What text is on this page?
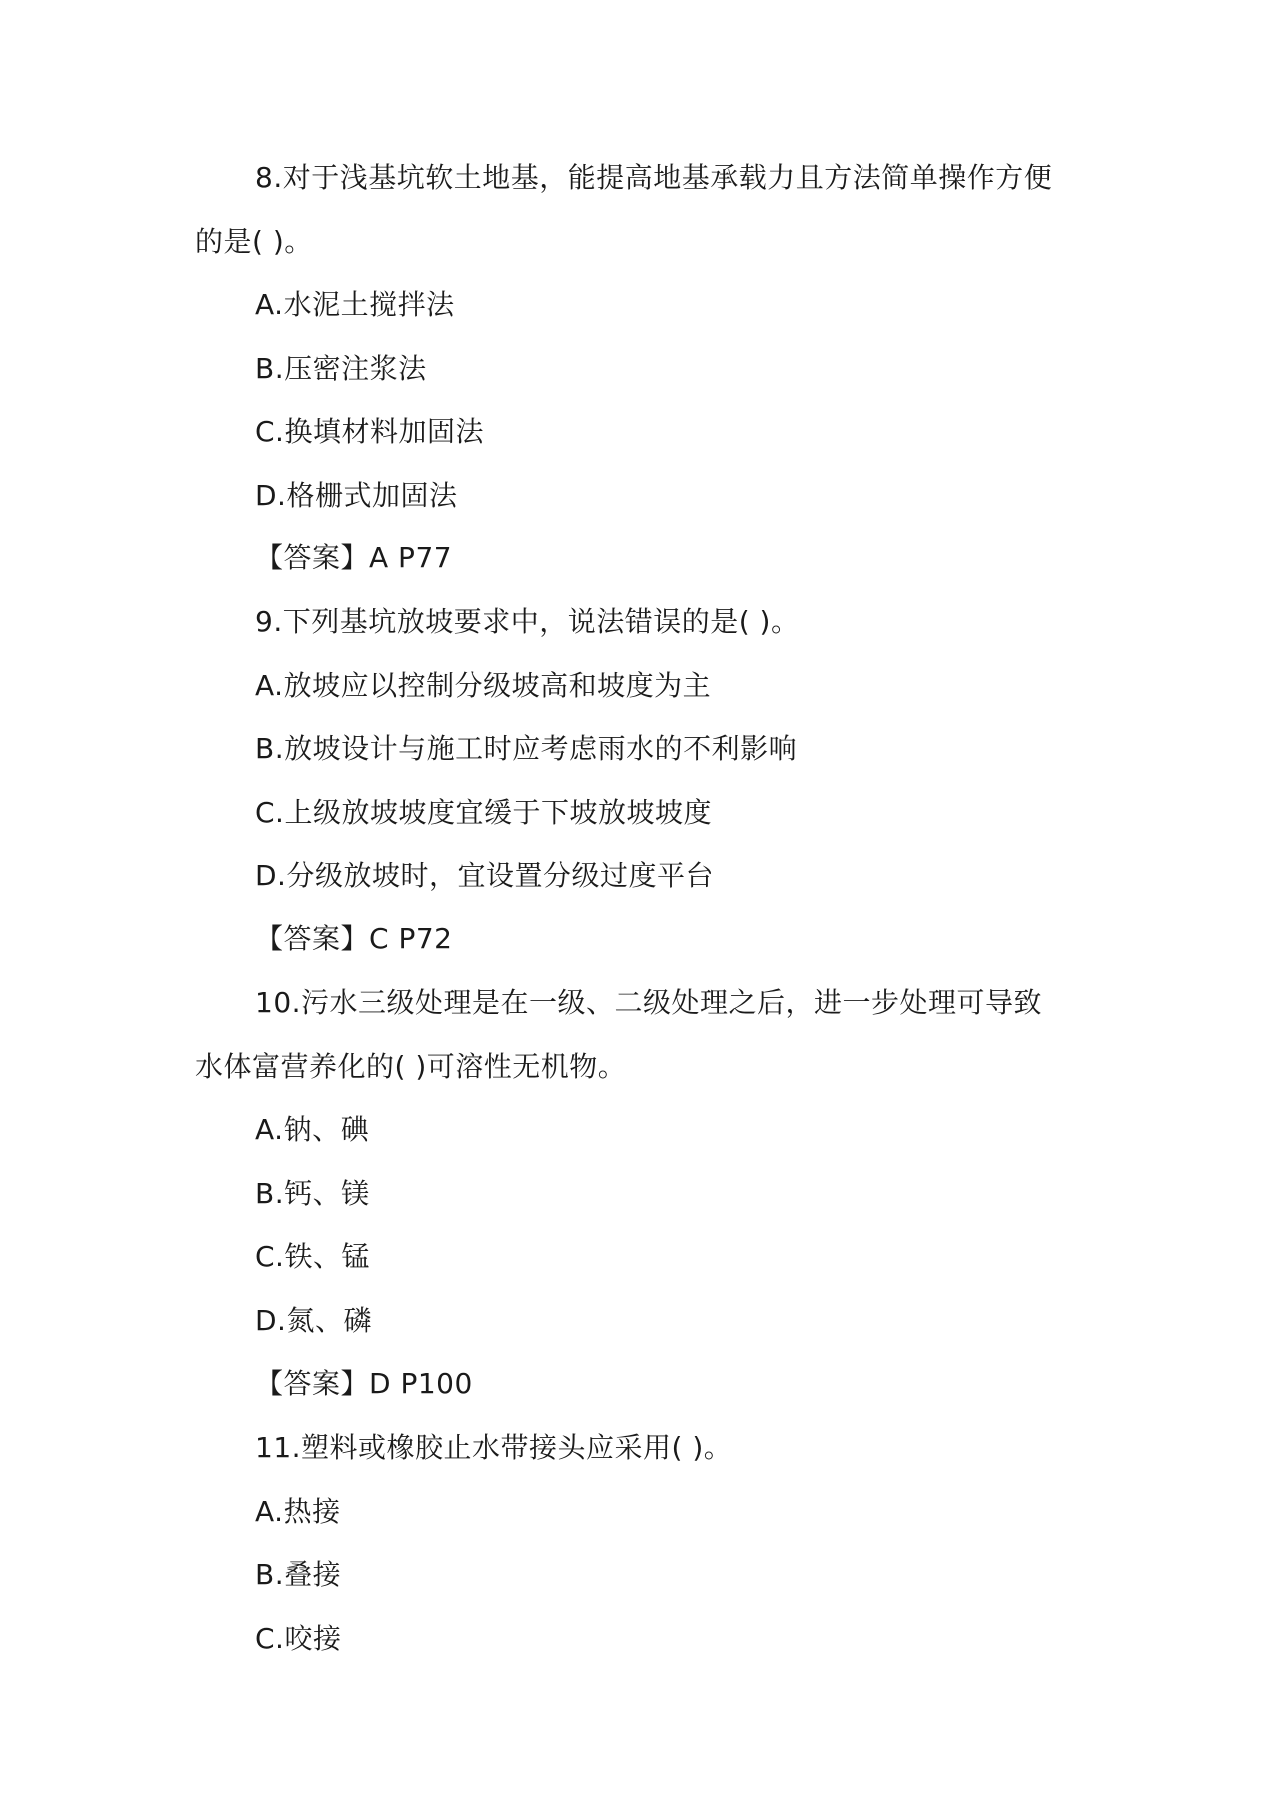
8.对于浅基坑软土地基，能提高地基承载力且方法简单操作方便
的是( )。
A.水泥土搅拌法
B.压密注浆法
C.换填材料加固法
D.格栅式加固法
【答案】A P77
9.下列基坑放坡要求中，说法错误的是( )。
A.放坡应以控制分级坡高和坡度为主
B.放坡设计与施工时应考虑雨水的不利影响
C.上级放坡坡度宜缓于下坡放坡坡度
D.分级放坡时，宜设置分级过度平台
【答案】C P72
10.污水三级处理是在一级、二级处理之后，进一步处理可导致
水体富营养化的( )可溶性无机物。
A.钠、碘
B.钙、镁
C.铁、锰
D.氮、磷
【答案】D P100
11.塑料或橡胶止水带接头应采用( )。
A.热接
B.叠接
C.咬接
